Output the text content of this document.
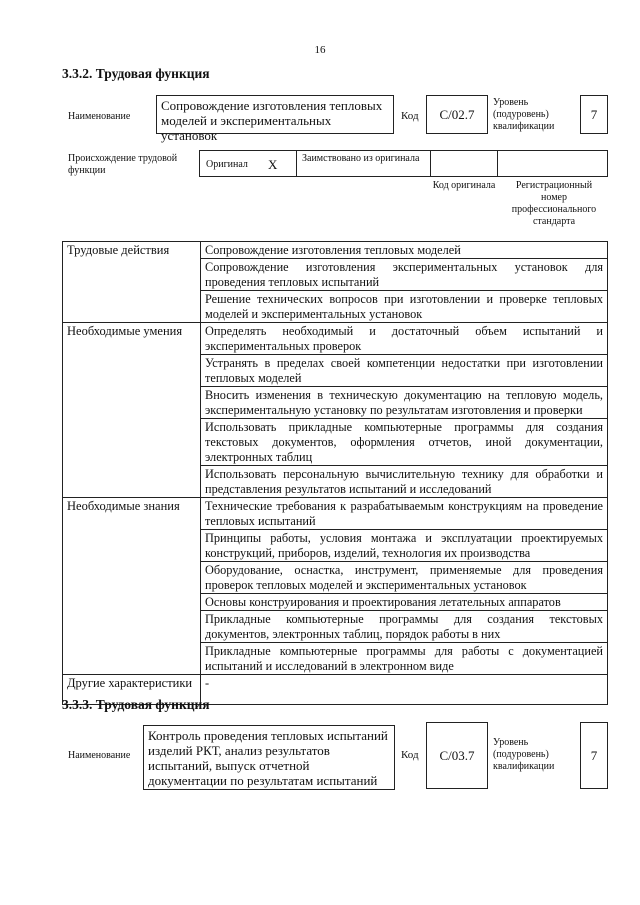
16
3.3.2. Трудовая функция
Наименование
Сопровождение изготовления тепловых моделей и экспериментальных установок
Код	С/02.7
Уровень (подуровень) квалификации
7
Происхождение трудовой функции
Оригинал X Заимствовано из оригинала
Код оригинала	Регистрационный номер профессионального стандарта
Трудовые действия	Сопровождение изготовления тепловых моделей
	Сопровождение изготовления экспериментальных установок для проведения тепловых испытаний
	Решение технических вопросов при изготовлении и проверке тепловых моделей и экспериментальных установок
Необходимые умения	Определять необходимый и достаточный объем испытаний и экспериментальных проверок
	Устранять в пределах своей компетенции недостатки при изготовлении тепловых моделей
	Вносить изменения в техническую документацию на тепловую модель, экспериментальную установку по результатам изготовления и проверки
	Использовать прикладные компьютерные программы для создания текстовых документов, оформления отчетов, иной документации, электронных таблиц
	Использовать персональную вычислительную технику для обработки и представления результатов испытаний и исследований
Необходимые знания	Технические требования к разрабатываемым конструкциям на проведение тепловых испытаний
	Принципы работы, условия монтажа и эксплуатации проектируемых конструкций, приборов, изделий, технология их производства
	Оборудование, оснастка, инструмент, применяемые для проведения проверок тепловых моделей и экспериментальных установок
	Основы конструирования и проектирования летательных аппаратов
	Прикладные компьютерные программы для создания текстовых документов, электронных таблиц, порядок работы в них
	Прикладные компьютерные программы для работы с документацией испытаний и исследований в электронном виде
Другие характеристики	-
3.3.3. Трудовая функция
Наименование
Контроль проведения тепловых испытаний изделий РКТ, анализ результатов испытаний, выпуск отчетной документации по результатам испытаний
Код	С/03.7
Уровень (подуровень) квалификации
7
